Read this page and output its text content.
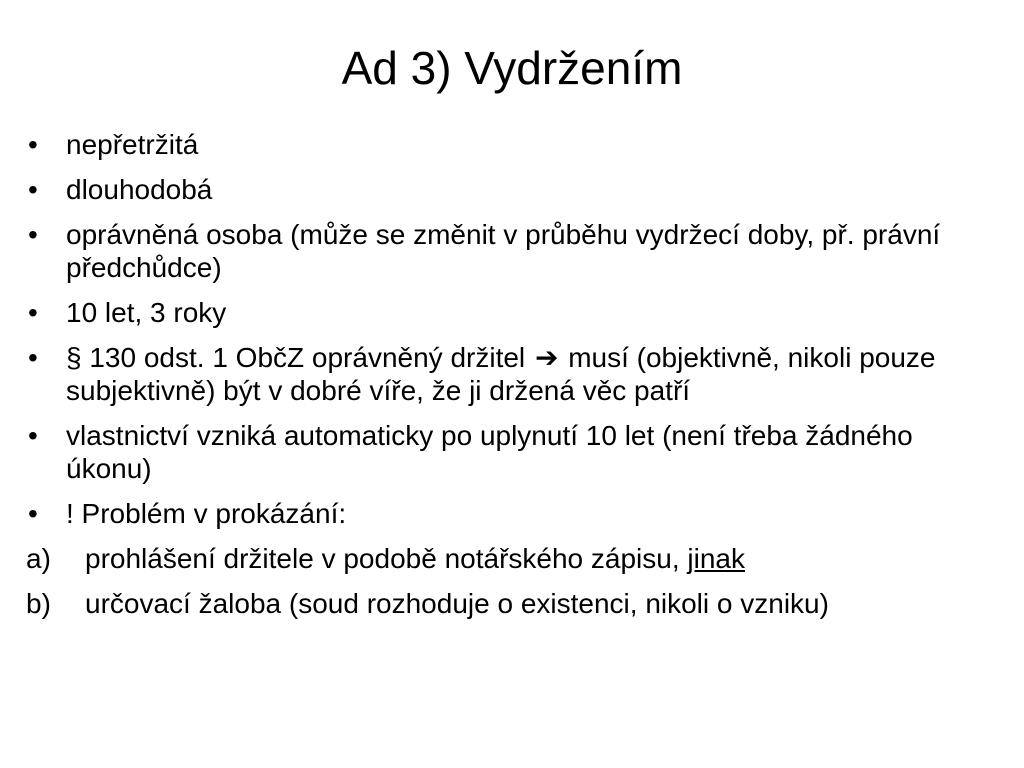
Ad 3) Vydržením
•	nepřetržitá
•	dlouhodobá
•	oprávněná osoba (může se změnit v průběhu vydržecí doby, př. právní předchůdce)
•	10 let, 3 roky
•	§ 130 odst. 1 ObčZ oprávněný držitel ➔ musí (objektivně, nikoli pouze subjektivně) být v dobré víře, že ji držená věc patří
•	vlastnictví vzniká automaticky po uplynutí 10 let (není třeba žádného úkonu)
•	! Problém v prokázání:
a)	prohlášení držitele v podobě notářského zápisu, jinak
b)	určovací žaloba (soud rozhoduje o existenci, nikoli o vzniku)
